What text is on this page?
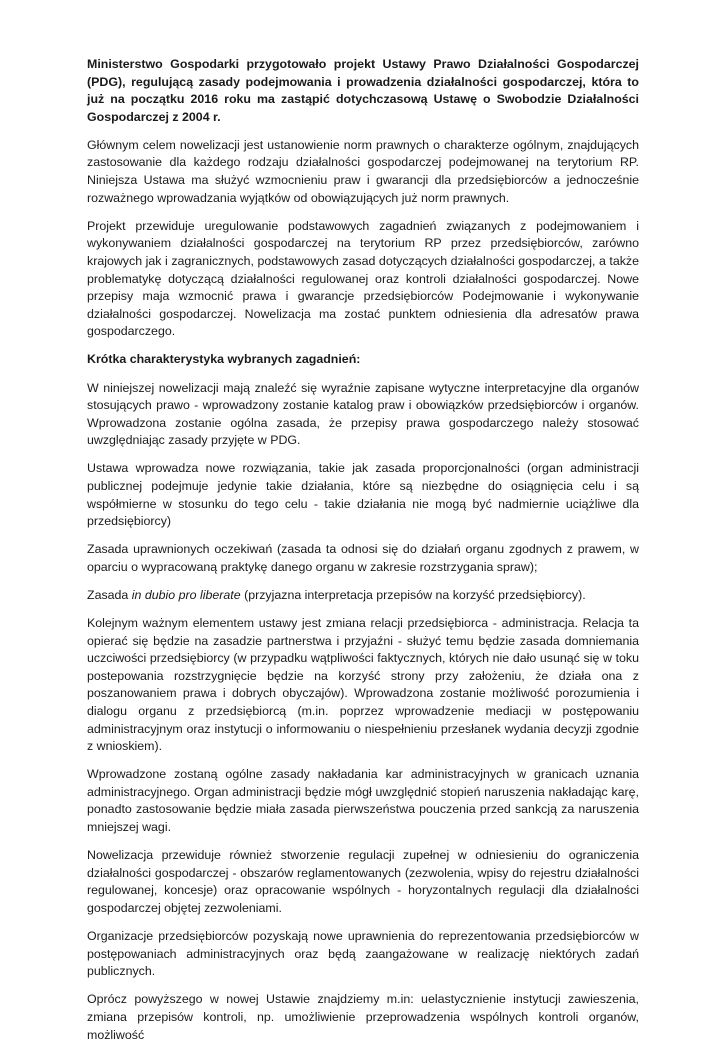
Ministerstwo Gospodarki przygotowało projekt Ustawy Prawo Działalności Gospodarczej (PDG), regulującą zasady podejmowania i prowadzenia działalności gospodarczej, która to już na początku 2016 roku ma zastąpić dotychczasową Ustawę o Swobodzie Działalności Gospodarczej z 2004 r.

Głównym celem nowelizacji jest ustanowienie norm prawnych o charakterze ogólnym, znajdujących zastosowanie dla każdego rodzaju działalności gospodarczej podejmowanej na terytorium RP. Niniejsza Ustawa ma służyć wzmocnieniu praw i gwarancji dla przedsiębiorców a jednocześnie rozważnego wprowadzania wyjątków od obowiązujących już norm prawnych.

Projekt przewiduje uregulowanie podstawowych zagadnień związanych z podejmowaniem i wykonywaniem działalności gospodarczej na terytorium RP przez przedsiębiorców, zarówno krajowych jak i zagranicznych, podstawowych zasad dotyczących działalności gospodarczej, a także problematykę dotyczącą działalności regulowanej oraz kontroli działalności gospodarczej. Nowe przepisy maja wzmocnić prawa i gwarancje przedsiębiorców Podejmowanie i wykonywanie działalności gospodarczej. Nowelizacja ma zostać punktem odniesienia dla adresatów prawa gospodarczego.

Krótka charakterystyka wybranych zagadnień:

W niniejszej nowelizacji mają znaleźć się wyraźnie zapisane wytyczne interpretacyjne dla organów stosujących prawo - wprowadzony zostanie katalog praw i obowiązków przedsiębiorców i organów. Wprowadzona zostanie ogólna zasada, że przepisy prawa gospodarczego należy stosować uwzględniając zasady przyjęte w PDG.

Ustawa wprowadza nowe rozwiązania, takie jak zasada proporcjonalności (organ administracji publicznej podejmuje jedynie takie działania, które są niezbędne do osiągnięcia celu i są współmierne w stosunku do tego celu - takie działania nie mogą być nadmiernie uciążliwe dla przedsiębiorcy)

Zasada uprawnionych oczekiwań (zasada ta odnosi się do działań organu zgodnych z prawem, w oparciu o wypracowaną praktykę danego organu w zakresie rozstrzygania spraw);

Zasada in dubio pro liberate (przyjazna interpretacja przepisów na korzyść przedsiębiorcy).

Kolejnym ważnym elementem ustawy jest zmiana relacji przedsiębiorca - administracja. Relacja ta opierać się będzie na zasadzie partnerstwa i przyjaźni - służyć temu będzie zasada domniemania uczciwości przedsiębiorcy (w przypadku wątpliwości faktycznych, których nie dało usunąć się w toku postepowania rozstrzygnięcie będzie na korzyść strony przy założeniu, że działa ona z poszanowaniem prawa i dobrych obyczajów). Wprowadzona zostanie możliwość porozumienia i dialogu organu z przedsiębiorcą (m.in. poprzez wprowadzenie mediacji w postępowaniu administracyjnym oraz instytucji o informowaniu o niespełnieniu przesłanek wydania decyzji zgodnie z wnioskiem).

Wprowadzone zostaną ogólne zasady nakładania kar administracyjnych w granicach uznania administracyjnego. Organ administracji będzie mógł uwzględnić stopień naruszenia nakładając karę, ponadto zastosowanie będzie miała zasada pierwszeństwa pouczenia przed sankcją za naruszenia mniejszej wagi.

Nowelizacja przewiduje również stworzenie regulacji zupełnej w odniesieniu do ograniczenia działalności gospodarczej - obszarów reglamentowanych (zezwolenia, wpisy do rejestru działalności regulowanej, koncesje) oraz opracowanie wspólnych - horyzontalnych regulacji dla działalności gospodarczej objętej zezwoleniami.

Organizacje przedsiębiorców pozyskają nowe uprawnienia do reprezentowania przedsiębiorców w postępowaniach administracyjnych oraz będą zaangażowane w realizację niektórych zadań publicznych.

Oprócz powyższego w nowej Ustawie znajdziemy m.in: uelastycznienie instytucji zawieszenia, zmiana przepisów kontroli, np. umożliwienie przeprowadzenia wspólnych kontroli organów, możliwość
